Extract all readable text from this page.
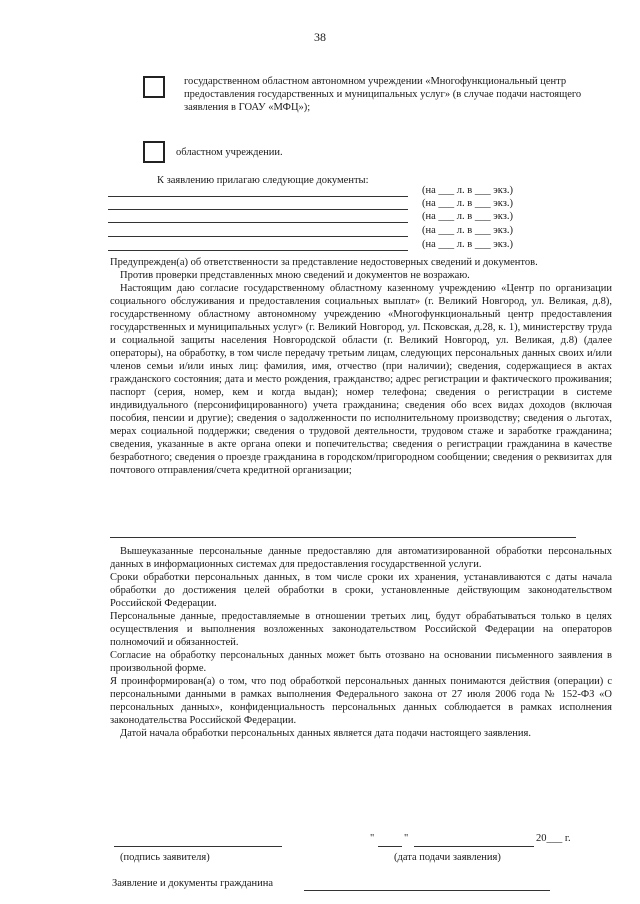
38
государственном областном автономном учреждении «Многофункциональный центр предоставления государственных и муниципальных услуг» (в случае подачи настоящего заявления в ГОАУ «МФЦ»);
областном учреждении.
К заявлению прилагаю следующие документы:
(на ___ л. в ___ экз.)
(на ___ л. в ___ экз.)
(на ___ л. в ___ экз.)
(на ___ л. в ___ экз.)
(на ___ л. в ___ экз.)

Предупрежден(а) об ответственности за представление недостоверных сведений и документов.

Против проверки представленных мною сведений и документов не возражаю.

Настоящим даю согласие государственному областному казенному учреждению «Центр по организации социального обслуживания и предоставления социальных выплат» (г. Великий Новгород, ул. Великая, д.8), государственному областному автономному учреждению «Многофункциональный центр предоставления государственных и муниципальных услуг» (г. Великий Новгород, ул. Псковская, д.28, к. 1), министерству труда и социальной защиты населения Новгородской области (г. Великий Новгород, ул. Великая, д.8) (далее операторы), на обработку, в том числе передачу третьим лицам, следующих персональных данных своих и/или членов семьи и/или иных лиц: фамилия, имя, отчество (при наличии); сведения, содержащиеся в актах гражданского состояния; дата и место рождения, гражданство; адрес регистрации и фактического проживания; паспорт (серия, номер, кем и когда выдан); номер телефона; сведения о регистрации в системе индивидуального (персонифицированного) учета гражданина; сведения обо всех видах доходов (включая пособия, пенсии и другие); сведения о задолженности по исполнительному производству; сведения о льготах, мерах социальной поддержки; сведения о трудовой деятельности, трудовом стаже и заработке гражданина; сведения, указанные в акте органа опеки и попечительства; сведения о регистрации гражданина в качестве безработного; сведения о проезде гражданина в городском/пригородном сообщении; сведения о реквизитах для почтового отправления/счета кредитной организации;

Вышеуказанные персональные данные предоставляю для автоматизированной обработки персональных данных в информационных системах для предоставления государственной услуги.

Сроки обработки персональных данных, в том числе сроки их хранения, устанавливаются с даты начала обработки до достижения целей обработки в сроки, установленные действующим законодательством Российской Федерации.

Персональные данные, предоставляемые в отношении третьих лиц, будут обрабатываться только в целях осуществления и выполнения возложенных законодательством Российской Федерации на операторов полномочий и обязанностей.

Согласие на обработку персональных данных может быть отозвано на основании письменного заявления в произвольной форме.

Я проинформирован(а) о том, что под обработкой персональных данных понимаются действия (операции) с персональными данными в рамках выполнения Федерального закона от 27 июля 2006 года № 152-ФЗ «О персональных данных», конфиденциальность персональных данных соблюдается в рамках исполнения законодательства Российской Федерации.

Датой начала обработки персональных данных является дата подачи настоящего заявления.

(подпись заявителя)
"	"	20___ г.
(дата подачи заявления)
Заявление и документы гражданина
